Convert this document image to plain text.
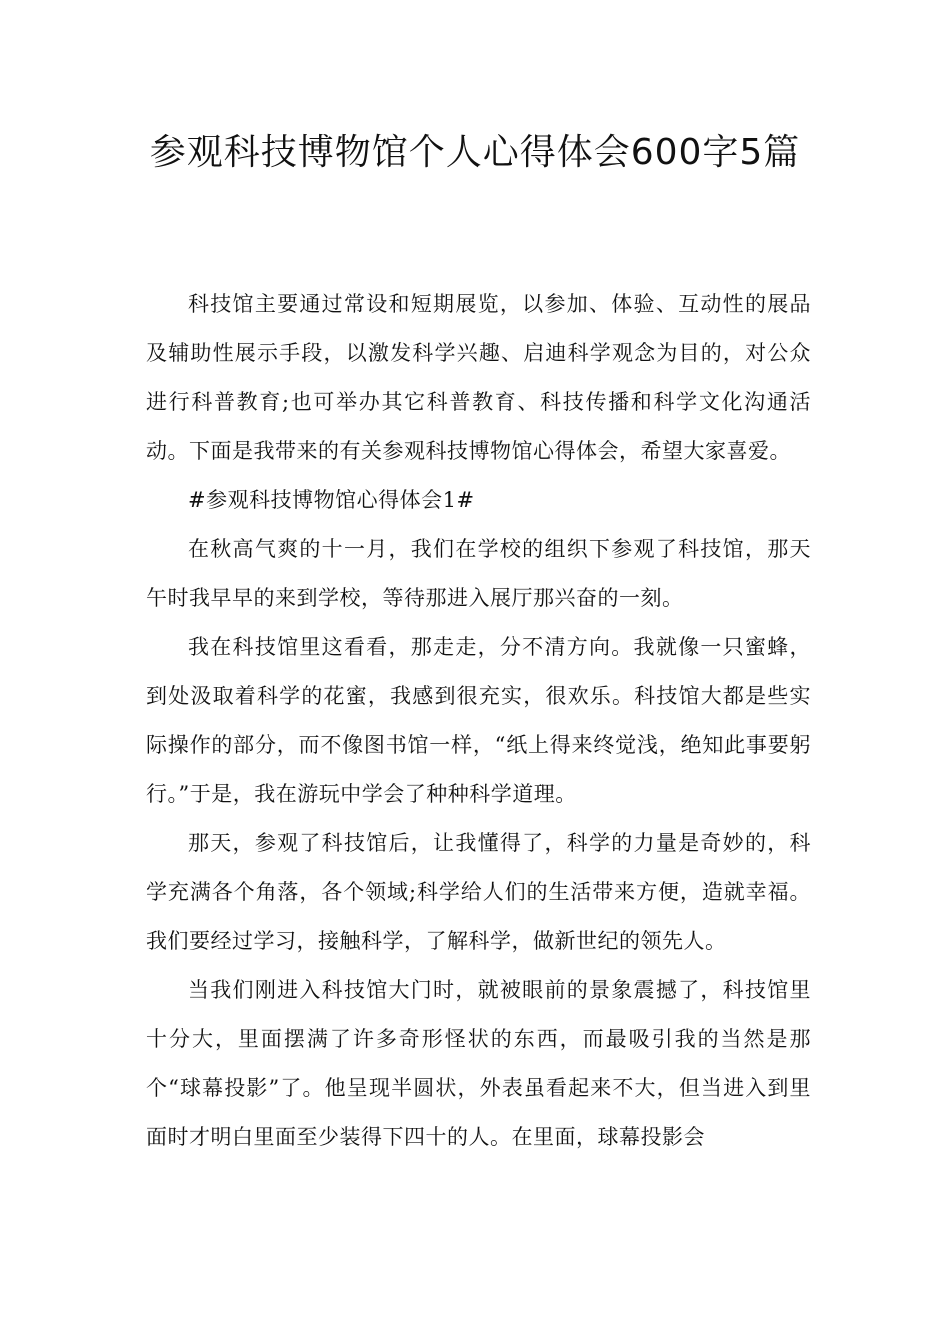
参观科技博物馆个人心得体会600字5篇

科技馆主要通过常设和短期展览，以参加、体验、互动性的展品及辅助性展示手段，以激发科学兴趣、启迪科学观念为目的，对公众进行科普教育;也可举办其它科普教育、科技传播和科学文化沟通活动。下面是我带来的有关参观科技博物馆心得体会，希望大家喜爱。

#参观科技博物馆心得体会1#

在秋高气爽的十一月，我们在学校的组织下参观了科技馆，那天午时我早早的来到学校，等待那进入展厅那兴奋的一刻。

我在科技馆里这看看，那走走，分不清方向。我就像一只蜜蜂，到处汲取着科学的花蜜，我感到很充实，很欢乐。科技馆大都是些实际操作的部分，而不像图书馆一样，“纸上得来终觉浅，绝知此事要躬行。”于是，我在游玩中学会了种种科学道理。

那天，参观了科技馆后，让我懂得了，科学的力量是奇妙的，科学充满各个角落，各个领域;科学给人们的生活带来方便，造就幸福。我们要经过学习，接触科学，了解科学，做新世纪的领先人。

当我们刚进入科技馆大门时，就被眼前的景象震撼了，科技馆里十分大，里面摆满了许多奇形怪状的东西，而最吸引我的当然是那个“球幕投影”了。他呈现半圆状，外表虽看起来不大，但当进入到里面时才明白里面至少装得下四十的人。在里面，球幕投影会
